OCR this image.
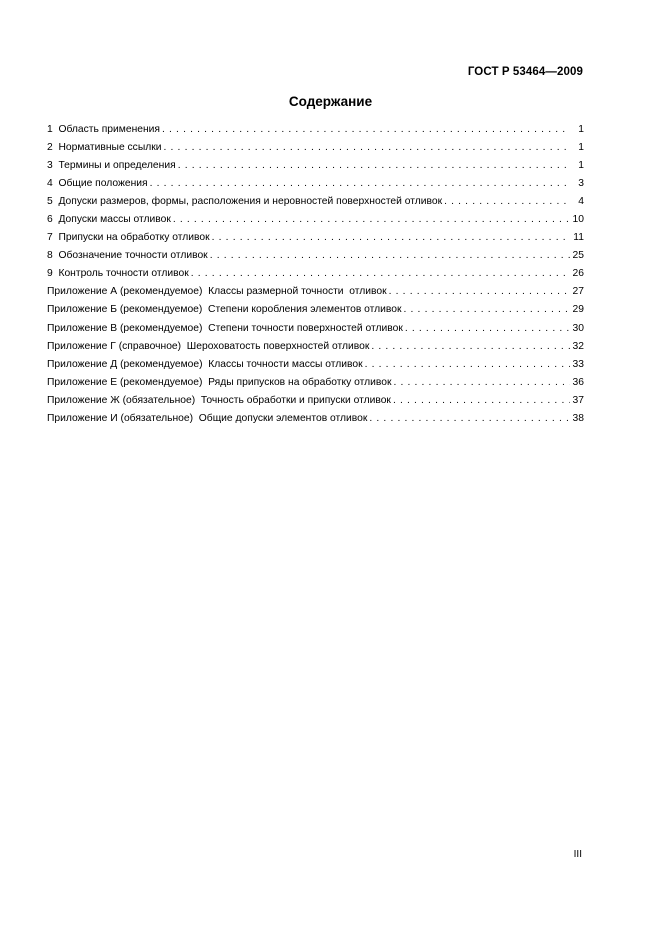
ГОСТ Р 53464—2009
Содержание
1  Область применения . . .	1
2  Нормативные ссылки . . .	1
3  Термины и определения . . .	1
4  Общие положения . . .	3
5  Допуски размеров, формы, расположения и неровностей поверхностей отливок . . .	4
6  Допуски массы отливок . . .	10
7  Припуски на обработку отливок . . .	11
8  Обозначение точности отливок . . .	25
9  Контроль точности отливок . . .	26
Приложение А (рекомендуемое)  Классы размерной точности  отливок . . .	27
Приложение Б (рекомендуемое)  Степени коробления элементов отливок . . .	29
Приложение В (рекомендуемое)  Степени точности поверхностей отливок . . .	30
Приложение Г (справочное)  Шероховатость поверхностей отливок . . .	32
Приложение Д (рекомендуемое)  Классы точности массы отливок . . .	33
Приложение Е (рекомендуемое)  Ряды припусков на обработку отливок . . .	36
Приложение Ж (обязательное)  Точность обработки и припуски отливок . . .	37
Приложение И (обязательное)  Общие допуски элементов отливок . . .	38
III
